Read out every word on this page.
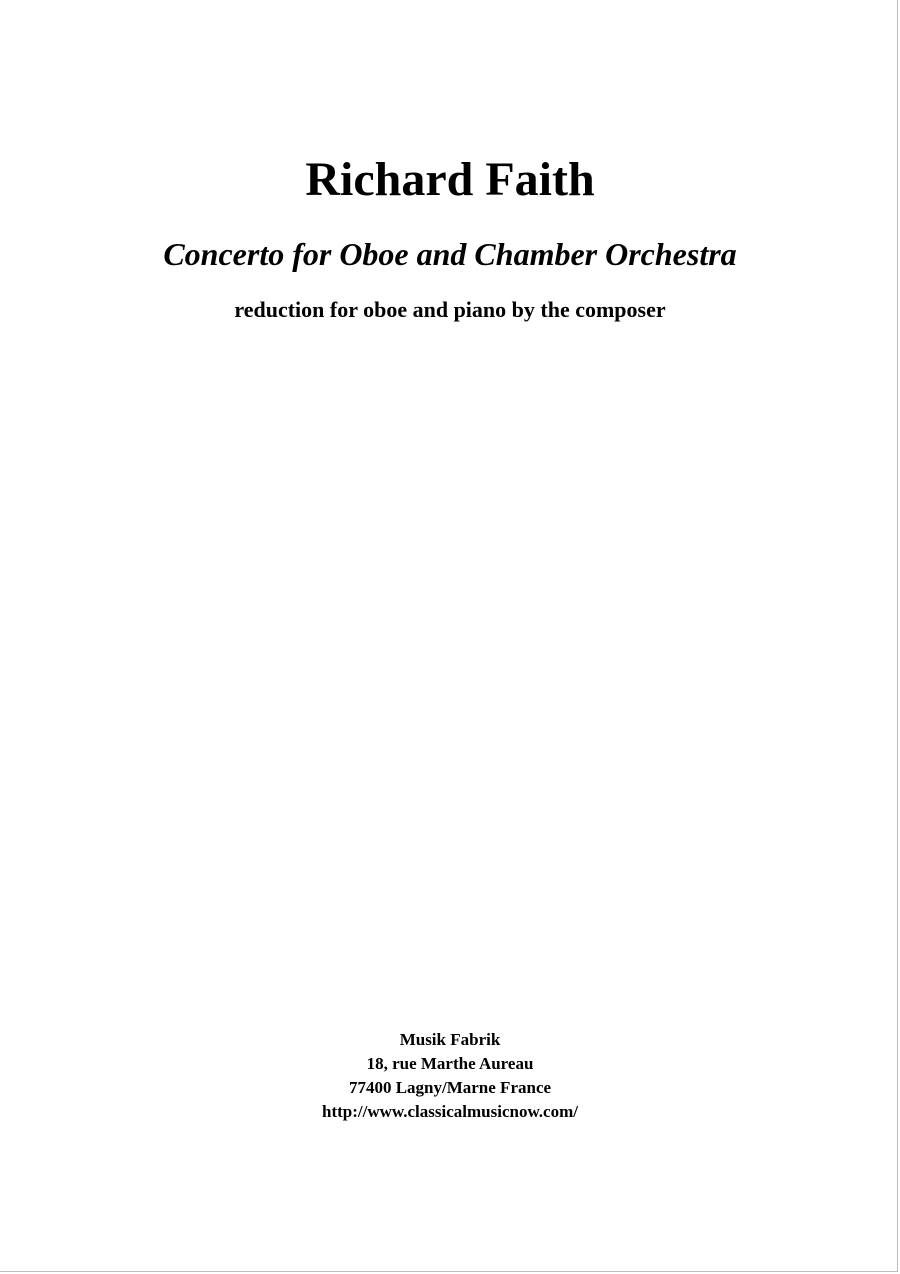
Richard Faith
Concerto for Oboe and Chamber Orchestra
reduction for oboe and piano by the composer
Musik Fabrik
18, rue Marthe Aureau
77400 Lagny/Marne France
http://www.classicalmusicnow.com/
